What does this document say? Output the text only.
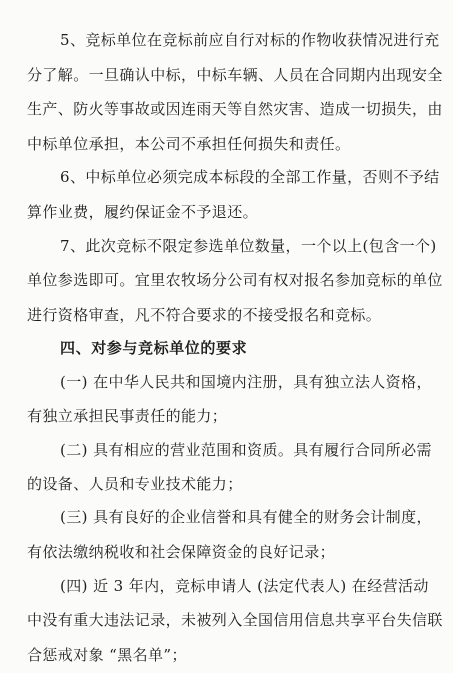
5、竞标单位在竞标前应自行对标的作物收获情况进行充
分了解。一旦确认中标，中标车辆、人员在合同期内出现安全
生产、防火等事故或因连雨天等自然灾害、造成一切损失，由
中标单位承担，本公司不承担任何损失和责任。
6、中标单位必须完成本标段的全部工作量，否则不予结
算作业费，履约保证金不予退还。
7、此次竞标不限定参选单位数量，一个以上(包含一个)
单位参选即可。宜里农牧场分公司有权对报名参加竞标的单位
进行资格审查，凡不符合要求的不接受报名和竞标。
四、对参与竞标单位的要求
(一) 在中华人民共和国境内注册，具有独立法人资格，
有独立承担民事责任的能力；
(二) 具有相应的营业范围和资质。具有履行合同所必需
的设备、人员和专业技术能力；
(三) 具有良好的企业信誉和具有健全的财务会计制度，
有依法缴纳税收和社会保障资金的良好记录；
(四) 近 3 年内，竞标申请人 (法定代表人) 在经营活动
中没有重大违法记录，未被列入全国信用信息共享平台失信联
合惩戒对象 “黑名单”；
